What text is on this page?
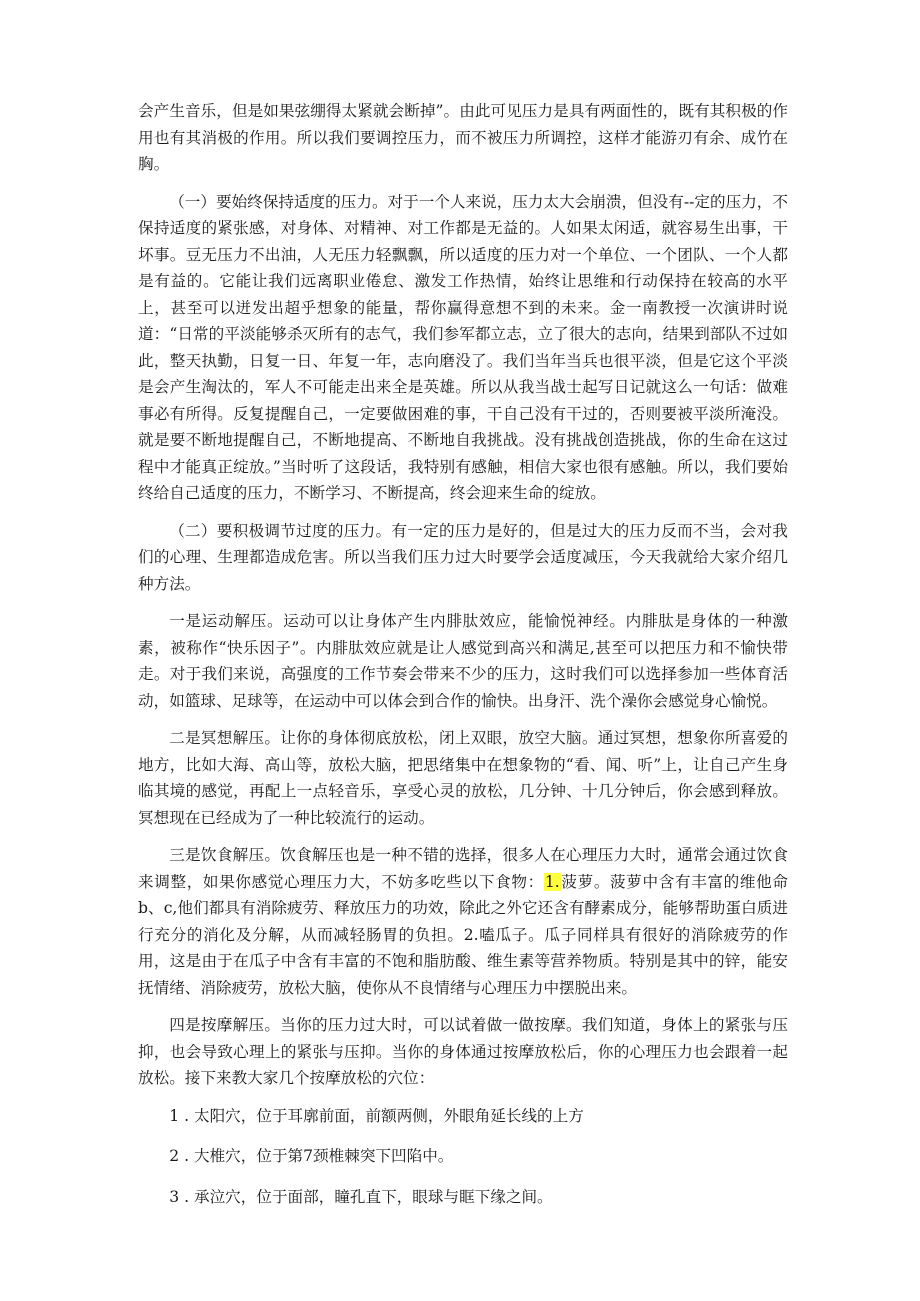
会产生音乐，但是如果弦绷得太紧就会断掉”。由此可见压力是具有两面性的，既有其积极的作用也有其消极的作用。所以我们要调控压力，而不被压力所调控，这样才能游刃有余、成竹在胸。

（一）要始终保持适度的压力。对于一个人来说，压力太大会崩溃，但没有--定的压力，不保持适度的紧张感，对身体、对精神、对工作都是无益的。人如果太闲适，就容易生出事，干坏事。豆无压力不出油，人无压力轻飘飘，所以适度的压力对一个单位、一个团队、一个人都是有益的。它能让我们远离职业倦怠、激发工作热情，始终让思维和行动保持在较高的水平上，甚至可以迸发出超乎想象的能量，帮你赢得意想不到的未来。金一南教授一次演讲时说道：“日常的平淡能够杀灭所有的志气，我们参军都立志，立了很大的志向，结果到部队不过如此，整天执勤，日复一日、年复一年，志向磨没了。我们当年当兵也很平淡，但是它这个平淡是会产生淘汰的，军人不可能走出来全是英雄。所以从我当战士起写日记就这么一句话：做难事必有所得。反复提醒自己，一定要做困难的事，干自己没有干过的，否则要被平淡所淹没。就是要不断地提醒自己，不断地提高、不断地自我挑战。没有挑战创造挑战，你的生命在这过程中才能真正绽放。”当时听了这段话，我特别有感触，相信大家也很有感触。所以，我们要始终给自己适度的压力，不断学习、不断提高，终会迎来生命的绽放。

（二）要积极调节过度的压力。有一定的压力是好的，但是过大的压力反而不当，会对我们的心理、生理都造成危害。所以当我们压力过大时要学会适度减压，今天我就给大家介绍几种方法。

一是运动解压。运动可以让身体产生内腓肽效应，能愉悦神经。内腓肽是身体的一种激素，被称作“快乐因子”。内腓肽效应就是让人感觉到高兴和满足,甚至可以把压力和不愉快带走。对于我们来说，高强度的工作节奏会带来不少的压力，这时我们可以选择参加一些体育活动，如篮球、足球等，在运动中可以体会到合作的愉快。出身汗、洗个澡你会感觉身心愉悦。

二是冥想解压。让你的身体彻底放松，闭上双眼，放空大脑。通过冥想，想象你所喜爱的地方，比如大海、高山等，放松大脑，把思绪集中在想象物的“看、闻、听”上，让自己产生身临其境的感觉，再配上一点轻音乐，享受心灵的放松，几分钟、十几分钟后，你会感到释放。冥想现在已经成为了一种比较流行的运动。

三是饮食解压。饮食解压也是一种不错的选择，很多人在心理压力大时，通常会通过饮食来调整，如果你感觉心理压力大，不妨多吃些以下食物：1.菠萝。菠萝中含有丰富的维他命b、c,他们都具有消除疲劳、释放压力的功效，除此之外它还含有酵素成分，能够帮助蛋白质进行充分的消化及分解，从而减轻肠胃的负担。2.嗑瓜子。瓜子同样具有很好的消除疲劳的作用，这是由于在瓜子中含有丰富的不饱和脂肪酸、维生素等营养物质。特别是其中的锌，能安抚情绪、消除疲劳，放松大脑，使你从不良情绪与心理压力中摆脱出来。

四是按摩解压。当你的压力过大时，可以试着做一做按摩。我们知道，身体上的紧张与压抑，也会导致心理上的紧张与压抑。当你的身体通过按摩放松后，你的心理压力也会跟着一起放松。接下来教大家几个按摩放松的穴位：

1 . 太阳穴，位于耳廓前面，前额两侧，外眼角延长线的上方

2 . 大椎穴，位于第7颈椎棘突下凹陷中。

3 . 承泣穴，位于面部，瞳孔直下，眼球与眶下缘之间。
